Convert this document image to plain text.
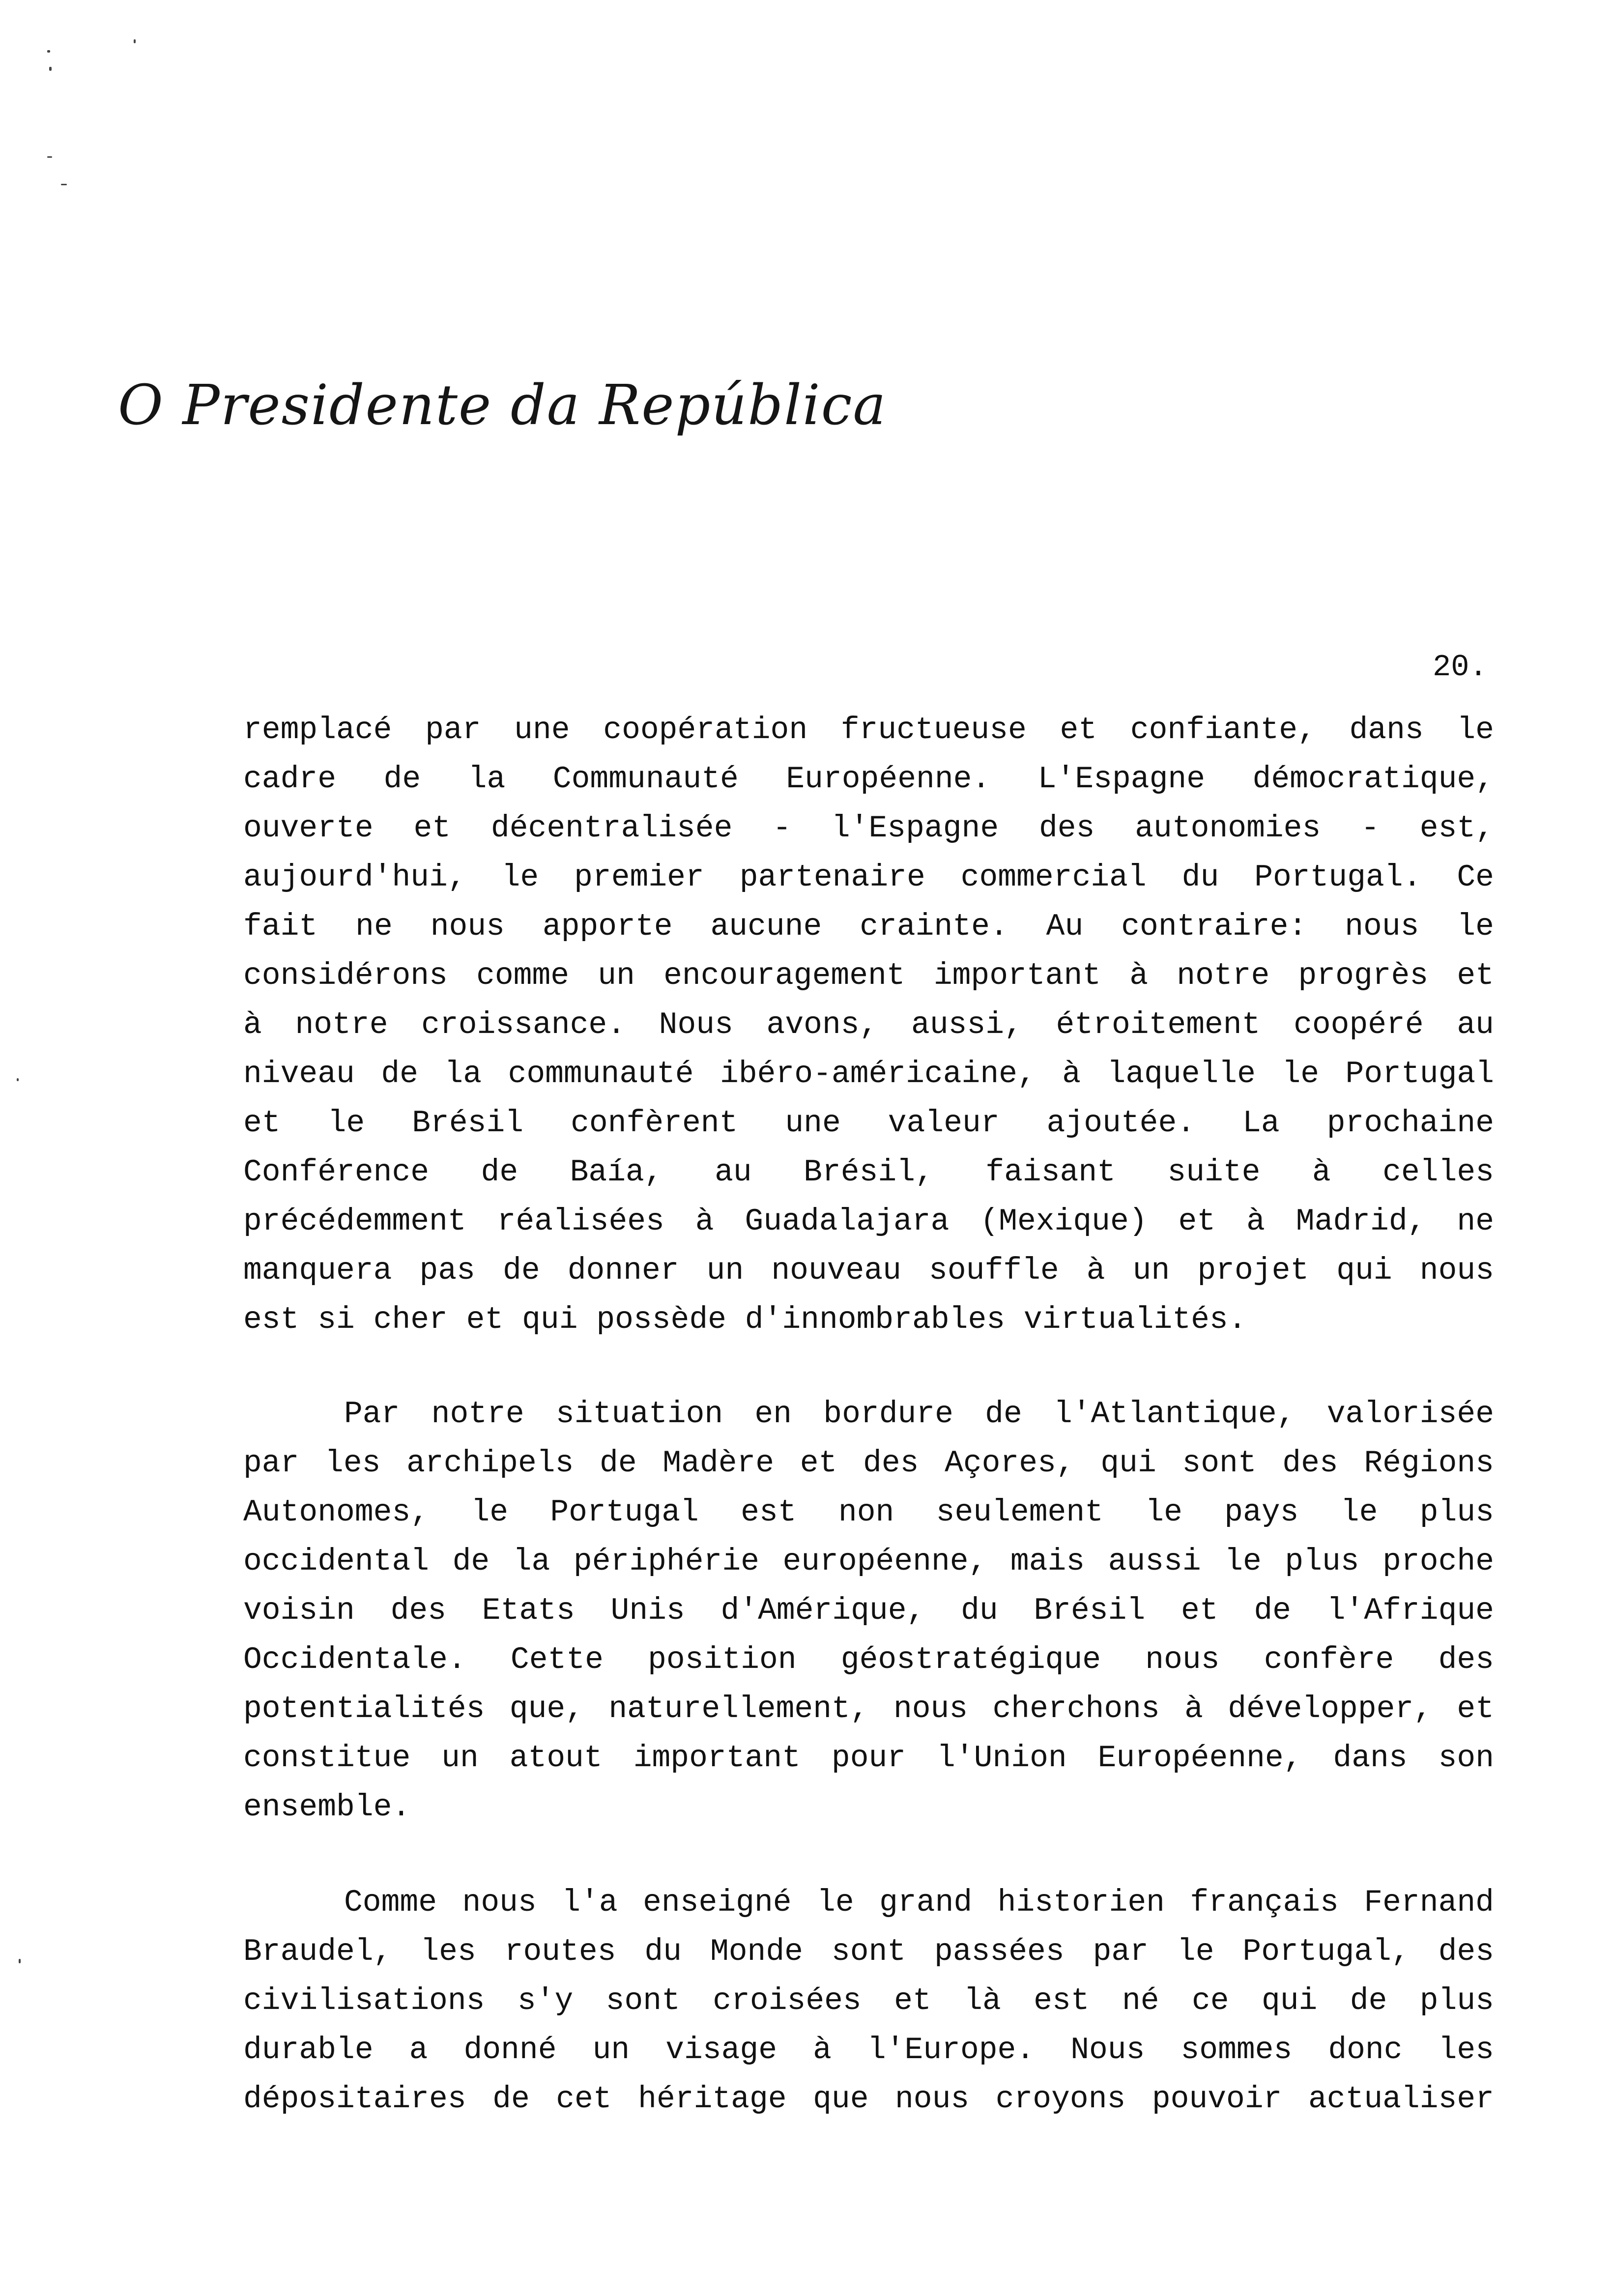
O Presidente da República
20.
remplacé par une coopération fructueuse et confiante, dans le
cadre de la Communauté Européenne. L'Espagne démocratique,
ouverte et décentralisée - l'Espagne des autonomies - est,
aujourd'hui, le premier partenaire commercial du Portugal. Ce
fait ne nous apporte aucune crainte. Au contraire: nous le
considérons comme un encouragement important à notre progrès et
à notre croissance. Nous avons, aussi, étroitement coopéré au
niveau de la communauté ibéro-américaine, à laquelle le Portugal
et le Brésil confèrent une valeur ajoutée. La prochaine
Conférence de Baía, au Brésil, faisant suite à celles
précédemment réalisées à Guadalajara (Mexique) et à Madrid, ne
manquera pas de donner un nouveau souffle à un projet qui nous
est si cher et qui possède d'innombrables virtualités.
Par notre situation en bordure de l'Atlantique, valorisée
par les archipels de Madère et des Açores, qui sont des Régions
Autonomes, le Portugal est non seulement le pays le plus
occidental de la périphérie européenne, mais aussi le plus proche
voisin des Etats Unis d'Amérique, du Brésil et de l'Afrique
Occidentale. Cette position géostratégique nous confère des
potentialités que, naturellement, nous cherchons à développer, et
constitue un atout important pour l'Union Européenne, dans son
ensemble.
Comme nous l'a enseigné le grand historien français Fernand
Braudel, les routes du Monde sont passées par le Portugal, des
civilisations s'y sont croisées et là est né ce qui de plus
durable a donné un visage à l'Europe. Nous sommes donc les
dépositaires de cet héritage que nous croyons pouvoir actualiser
